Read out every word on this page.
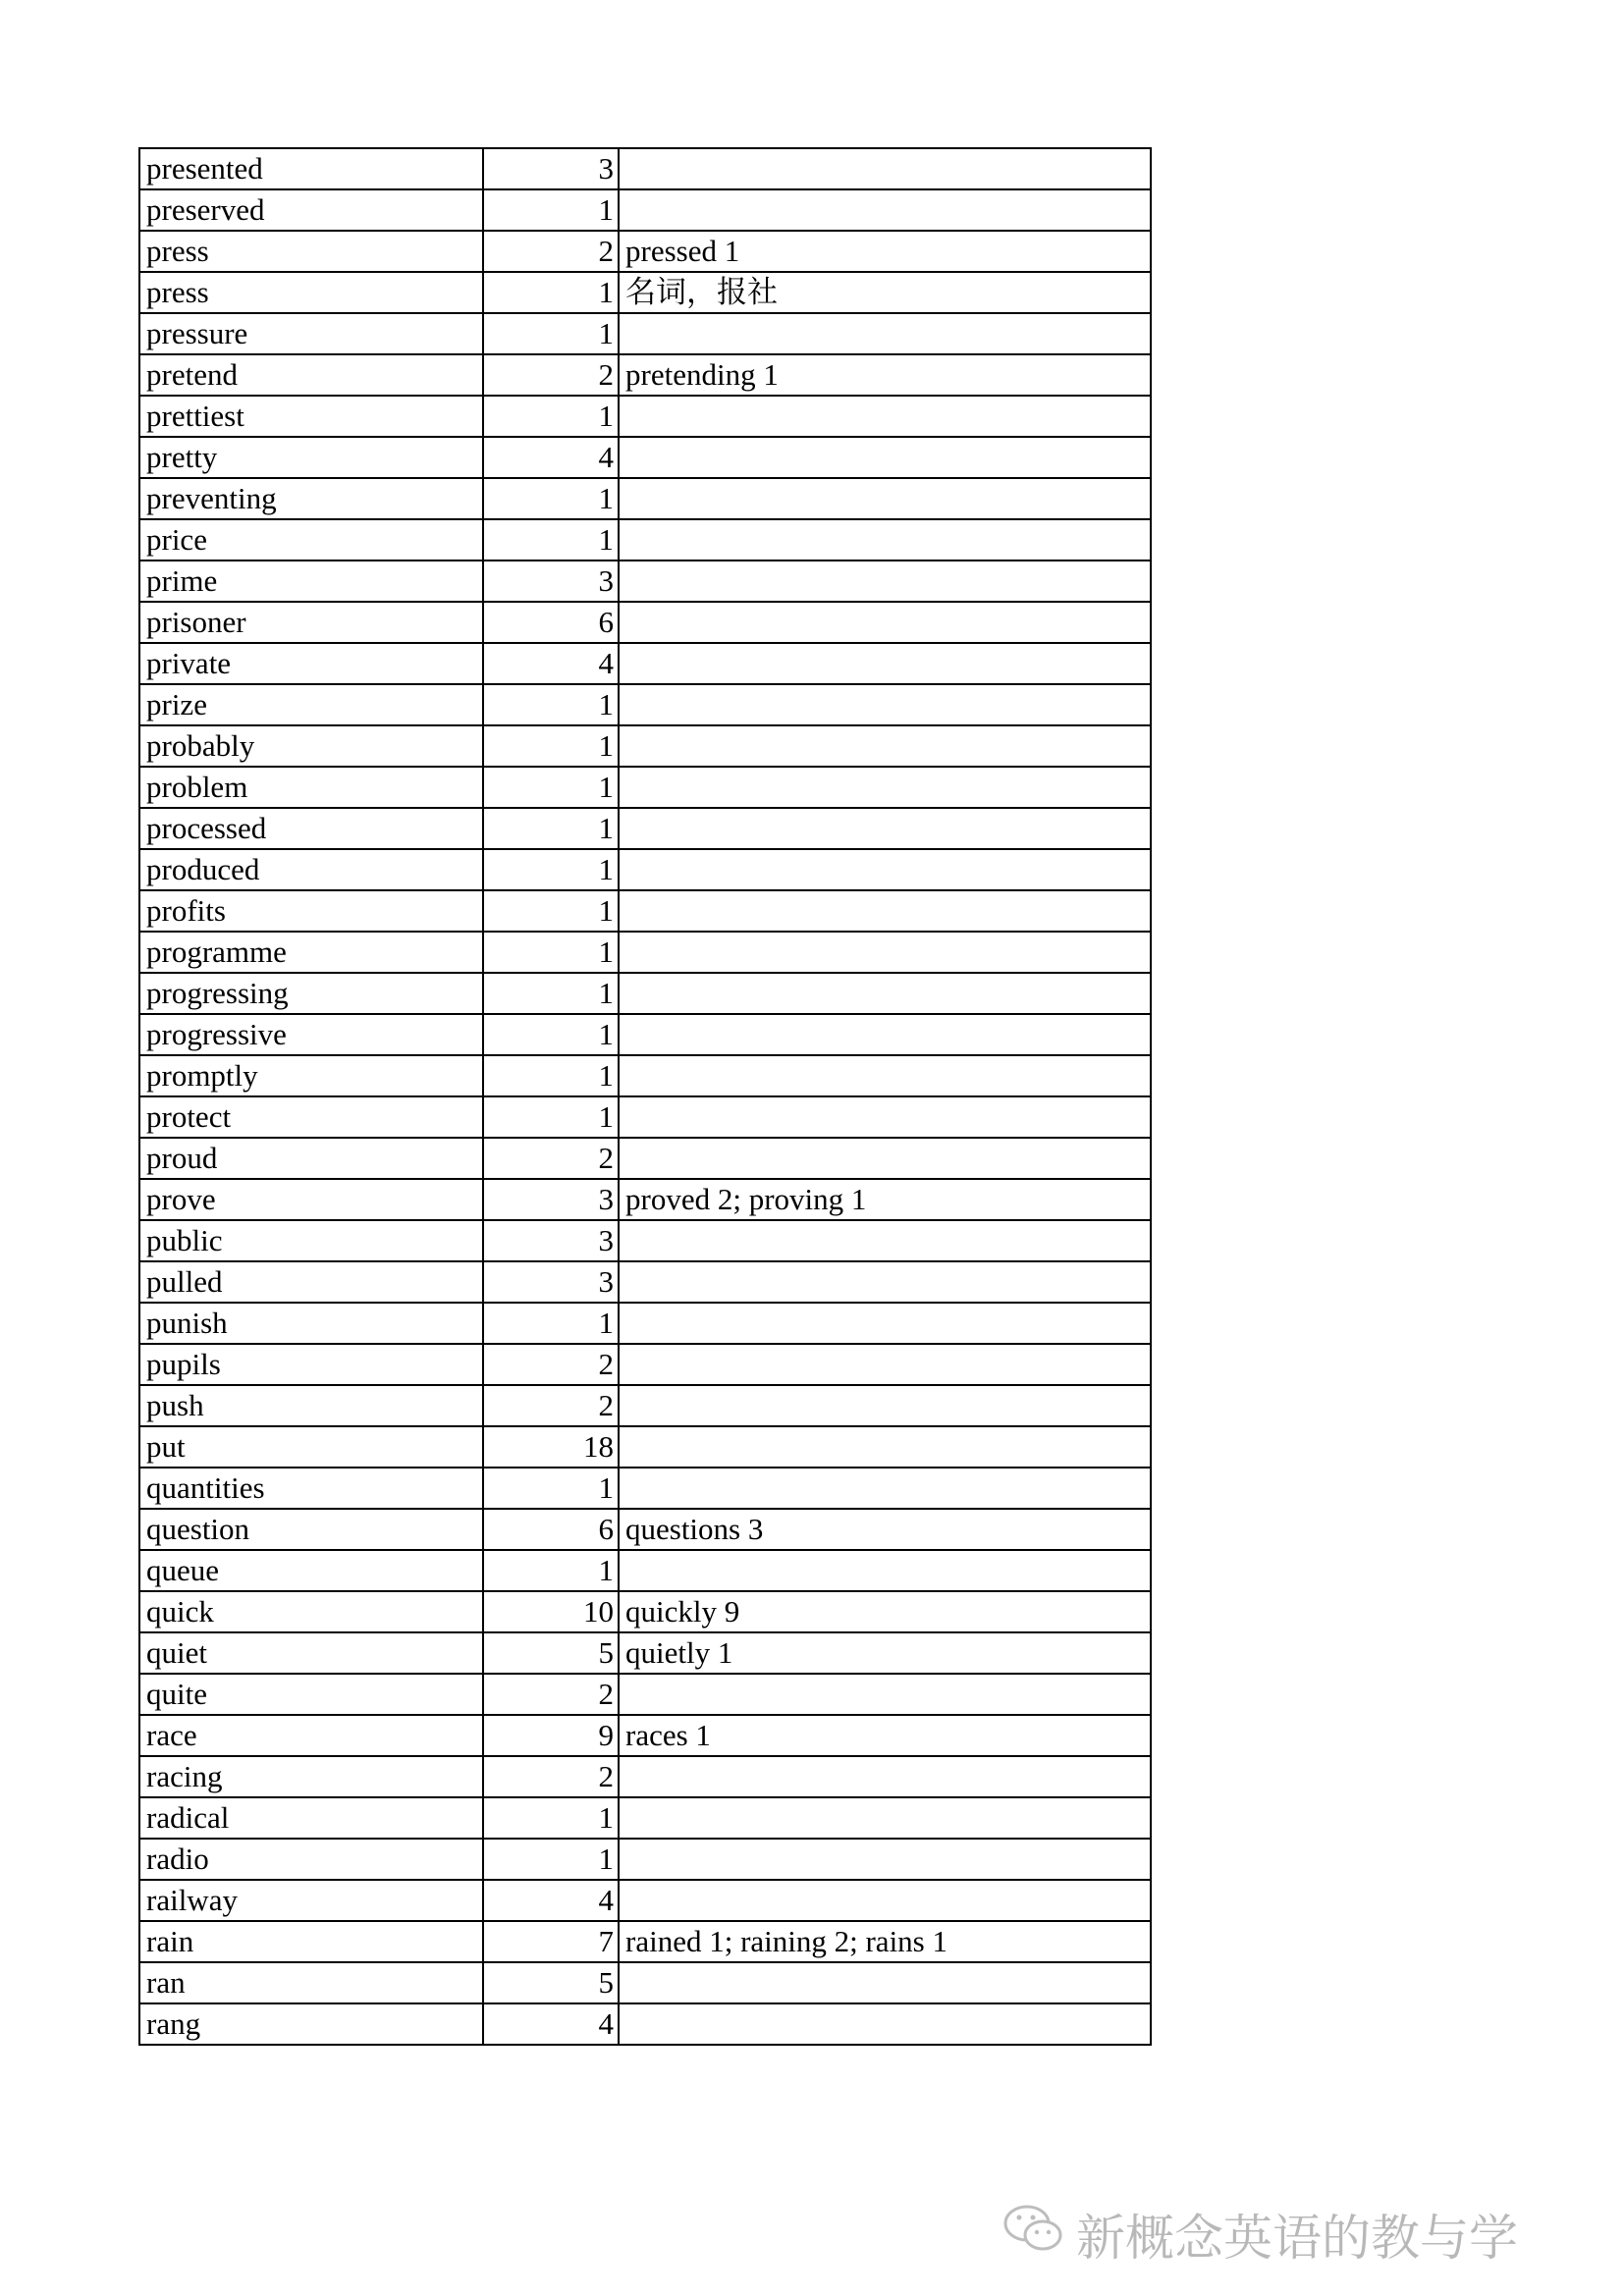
presented	3	
preserved	1	
press	2	pressed 1
press	1	名词，报社
pressure	1	
pretend	2	pretending 1
prettiest	1	
pretty	4	
preventing	1	
price	1	
prime	3	
prisoner	6	
private	4	
prize	1	
probably	1	
problem	1	
processed	1	
produced	1	
profits	1	
programme	1	
progressing	1	
progressive	1	
promptly	1	
protect	1	
proud	2	
prove	3	proved 2; proving 1
public	3	
pulled	3	
punish	1	
pupils	2	
push	2	
put	18	
quantities	1	
question	6	questions 3
queue	1	
quick	10	quickly 9
quiet	5	quietly 1
quite	2	
race	9	races 1
racing	2	
radical	1	
radio	1	
railway	4	
rain	7	rained 1; raining 2; rains 1
ran	5	
rang	4	
新概念英语的教与学
